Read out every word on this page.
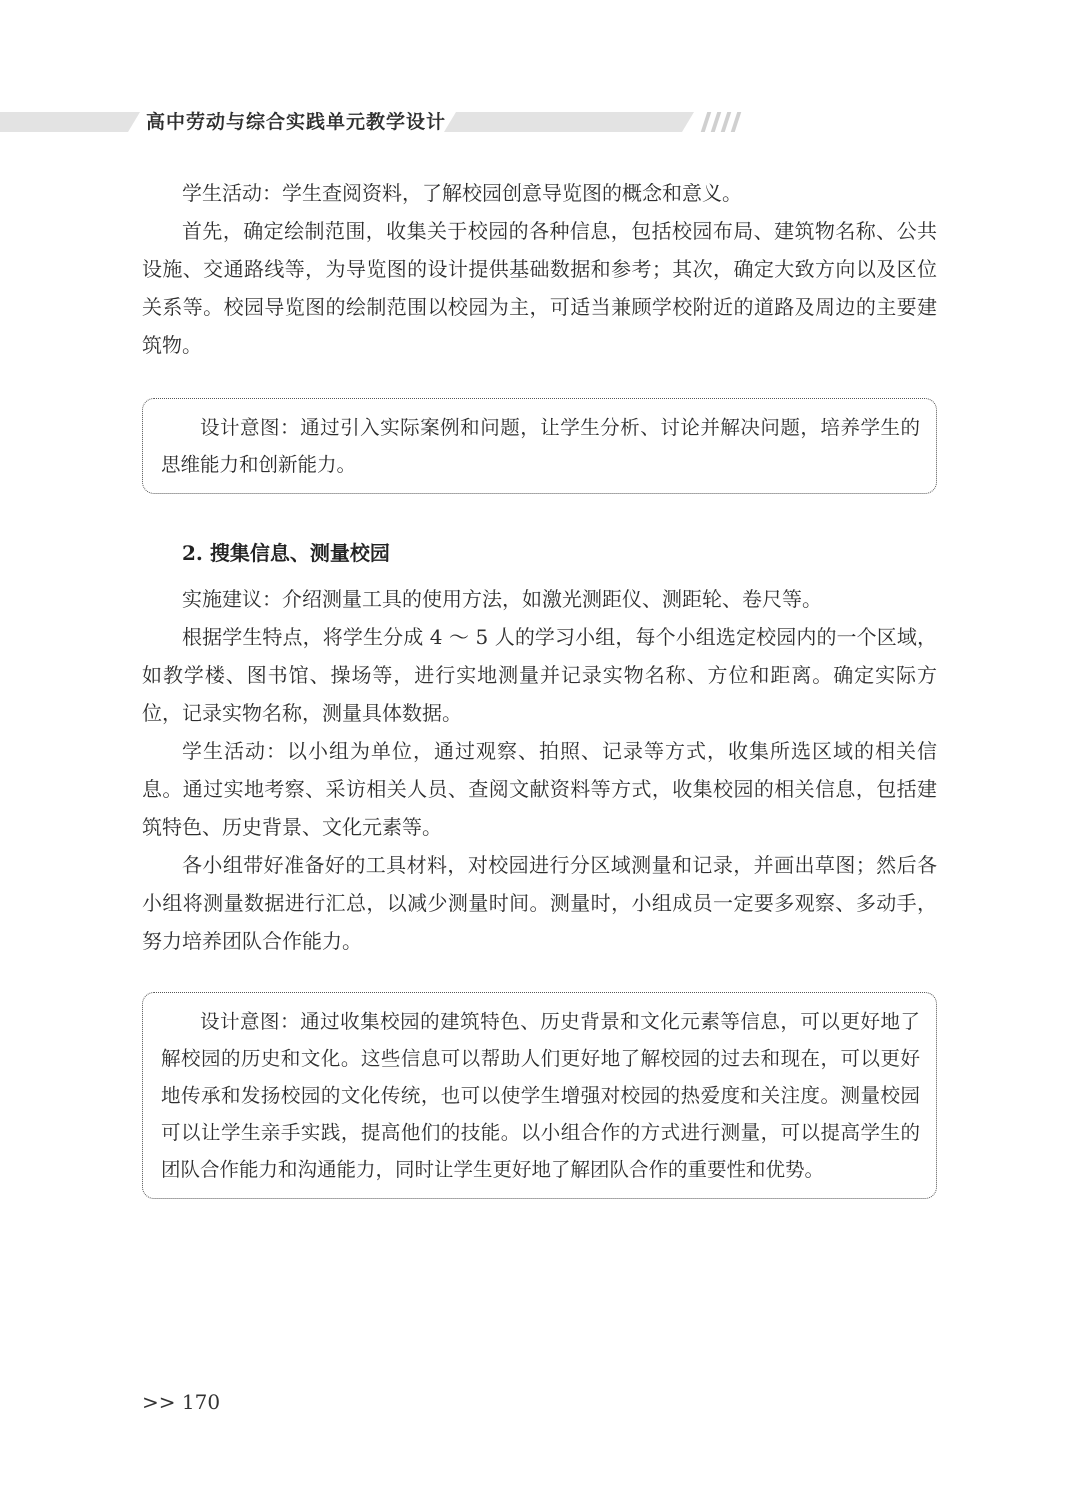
高中劳动与综合实践单元教学设计

学生活动：学生查阅资料，了解校园创意导览图的概念和意义。

首先，确定绘制范围，收集关于校园的各种信息，包括校园布局、建筑物名称、公共设施、交通路线等，为导览图的设计提供基础数据和参考；其次，确定大致方向以及区位关系等。校园导览图的绘制范围以校园为主，可适当兼顾学校附近的道路及周边的主要建筑物。

设计意图：通过引入实际案例和问题，让学生分析、讨论并解决问题，培养学生的思维能力和创新能力。

2. 搜集信息、测量校园

实施建议：介绍测量工具的使用方法，如激光测距仪、测距轮、卷尺等。

根据学生特点，将学生分成 4 ～ 5 人的学习小组，每个小组选定校园内的一个区域，如教学楼、图书馆、操场等，进行实地测量并记录实物名称、方位和距离。确定实际方位，记录实物名称，测量具体数据。

学生活动：以小组为单位，通过观察、拍照、记录等方式，收集所选区域的相关信息。通过实地考察、采访相关人员、查阅文献资料等方式，收集校园的相关信息，包括建筑特色、历史背景、文化元素等。

各小组带好准备好的工具材料，对校园进行分区域测量和记录，并画出草图；然后各小组将测量数据进行汇总，以减少测量时间。测量时，小组成员一定要多观察、多动手，努力培养团队合作能力。

设计意图：通过收集校园的建筑特色、历史背景和文化元素等信息，可以更好地了解校园的历史和文化。这些信息可以帮助人们更好地了解校园的过去和现在，可以更好地传承和发扬校园的文化传统，也可以使学生增强对校园的热爱度和关注度。测量校园可以让学生亲手实践，提高他们的技能。以小组合作的方式进行测量，可以提高学生的团队合作能力和沟通能力，同时让学生更好地了解团队合作的重要性和优势。

>> 170
